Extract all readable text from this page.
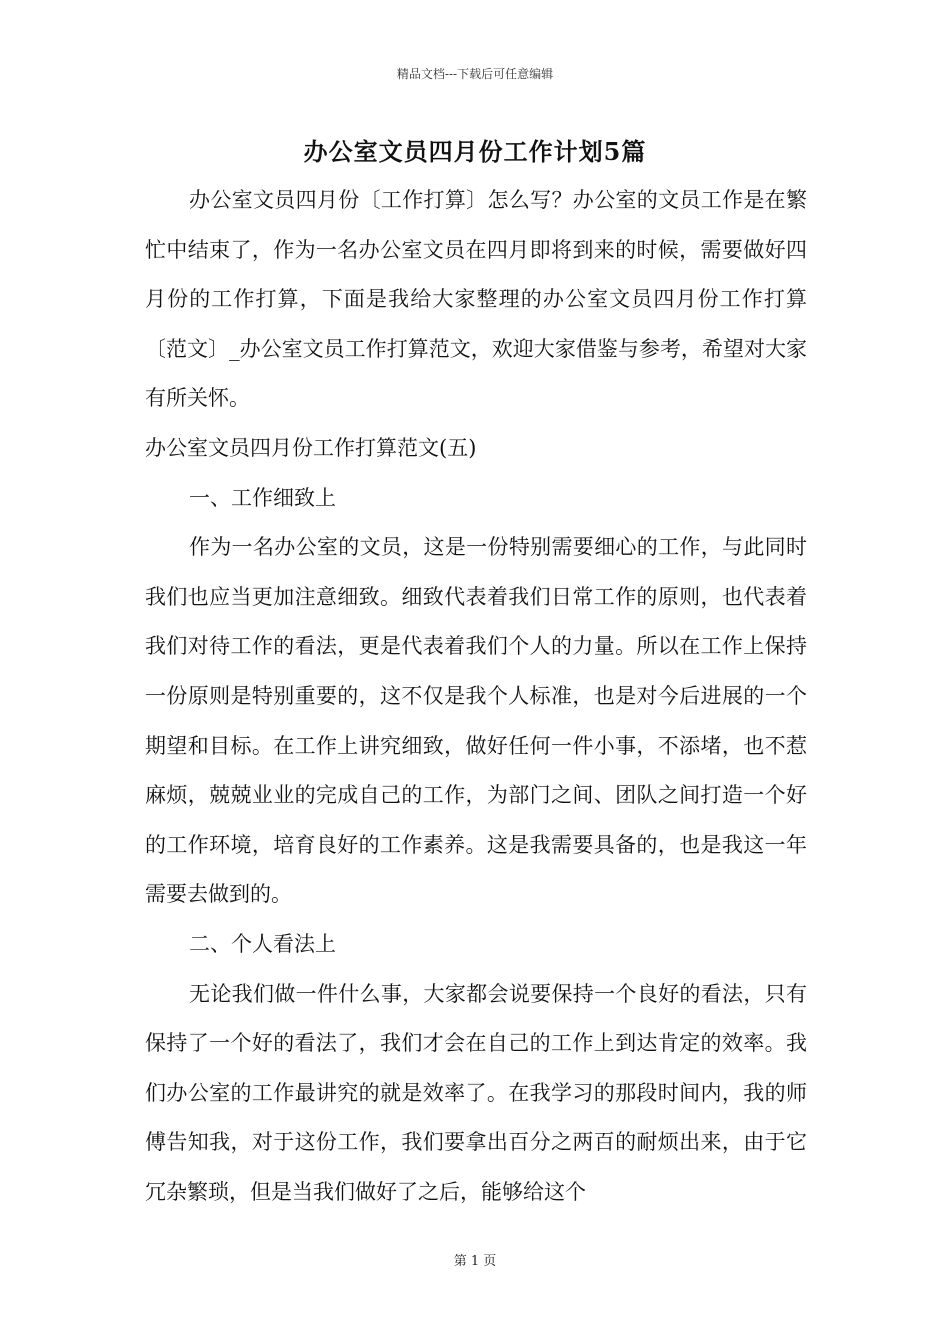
精品文档---下载后可任意编辑
办公室文员四月份工作计划5篇

办公室文员四月份〔工作打算〕怎么写？办公室的文员工作是在繁忙中结束了，作为一名办公室文员在四月即将到来的时候，需要做好四月份的工作打算，下面是我给大家整理的办公室文员四月份工作打算〔范文〕_办公室文员工作打算范文，欢迎大家借鉴与参考，希望对大家有所关怀。

办公室文员四月份工作打算范文(五)

一、工作细致上

作为一名办公室的文员，这是一份特别需要细心的工作，与此同时我们也应当更加注意细致。细致代表着我们日常工作的原则，也代表着我们对待工作的看法，更是代表着我们个人的力量。所以在工作上保持一份原则是特别重要的，这不仅是我个人标准，也是对今后进展的一个期望和目标。在工作上讲究细致，做好任何一件小事，不添堵，也不惹麻烦，兢兢业业的完成自己的工作，为部门之间、团队之间打造一个好的工作环境，培育良好的工作素养。这是我需要具备的，也是我这一年需要去做到的。

二、个人看法上

无论我们做一件什么事，大家都会说要保持一个良好的看法，只有保持了一个好的看法了，我们才会在自己的工作上到达肯定的效率。我们办公室的工作最讲究的就是效率了。在我学习的那段时间内，我的师傅告知我，对于这份工作，我们要拿出百分之两百的耐烦出来，由于它冗杂繁琐，但是当我们做好了之后，能够给这个

第 1 页
